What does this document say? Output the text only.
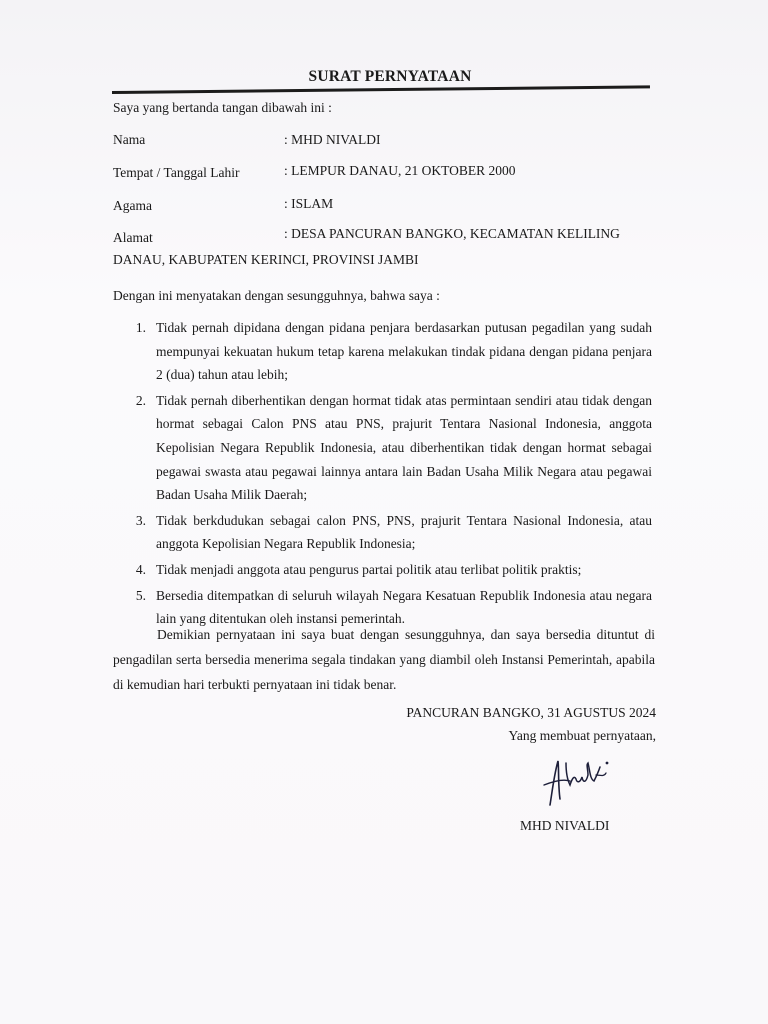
SURAT PERNYATAAN
Saya yang bertanda tangan dibawah ini :
Nama	: MHD NIVALDI
Tempat / Tanggal Lahir	: LEMPUR DANAU, 21 OKTOBER 2000
Agama	: ISLAM
Alamat	: DESA PANCURAN BANGKO, KECAMATAN KELILING
DANAU, KABUPATEN KERINCI, PROVINSI JAMBI
Dengan ini menyatakan dengan sesungguhnya, bahwa saya :
1. Tidak pernah dipidana dengan pidana penjara berdasarkan putusan pegadilan yang sudah mempunyai kekuatan hukum tetap karena melakukan tindak pidana dengan pidana penjara 2 (dua) tahun atau lebih;
2. Tidak pernah diberhentikan dengan hormat tidak atas permintaan sendiri atau tidak dengan hormat sebagai Calon PNS atau PNS, prajurit Tentara Nasional Indonesia, anggota Kepolisian Negara Republik Indonesia, atau diberhentikan tidak dengan hormat sebagai pegawai swasta atau pegawai lainnya antara lain Badan Usaha Milik Negara atau pegawai Badan Usaha Milik Daerah;
3. Tidak berkdudukan sebagai calon PNS, PNS, prajurit Tentara Nasional Indonesia, atau anggota Kepolisian Negara Republik Indonesia;
4. Tidak menjadi anggota atau pengurus partai politik atau terlibat politik praktis;
5. Bersedia ditempatkan di seluruh wilayah Negara Kesatuan Republik Indonesia atau negara lain yang ditentukan oleh instansi pemerintah.
Demikian pernyataan ini saya buat dengan sesungguhnya, dan saya bersedia dituntut di pengadilan serta bersedia menerima segala tindakan yang diambil oleh Instansi Pemerintah, apabila di kemudian hari terbukti pernyataan ini tidak benar.
PANCURAN BANGKO, 31 AGUSTUS 2024
Yang membuat pernyataan,
MHD NIVALDI
